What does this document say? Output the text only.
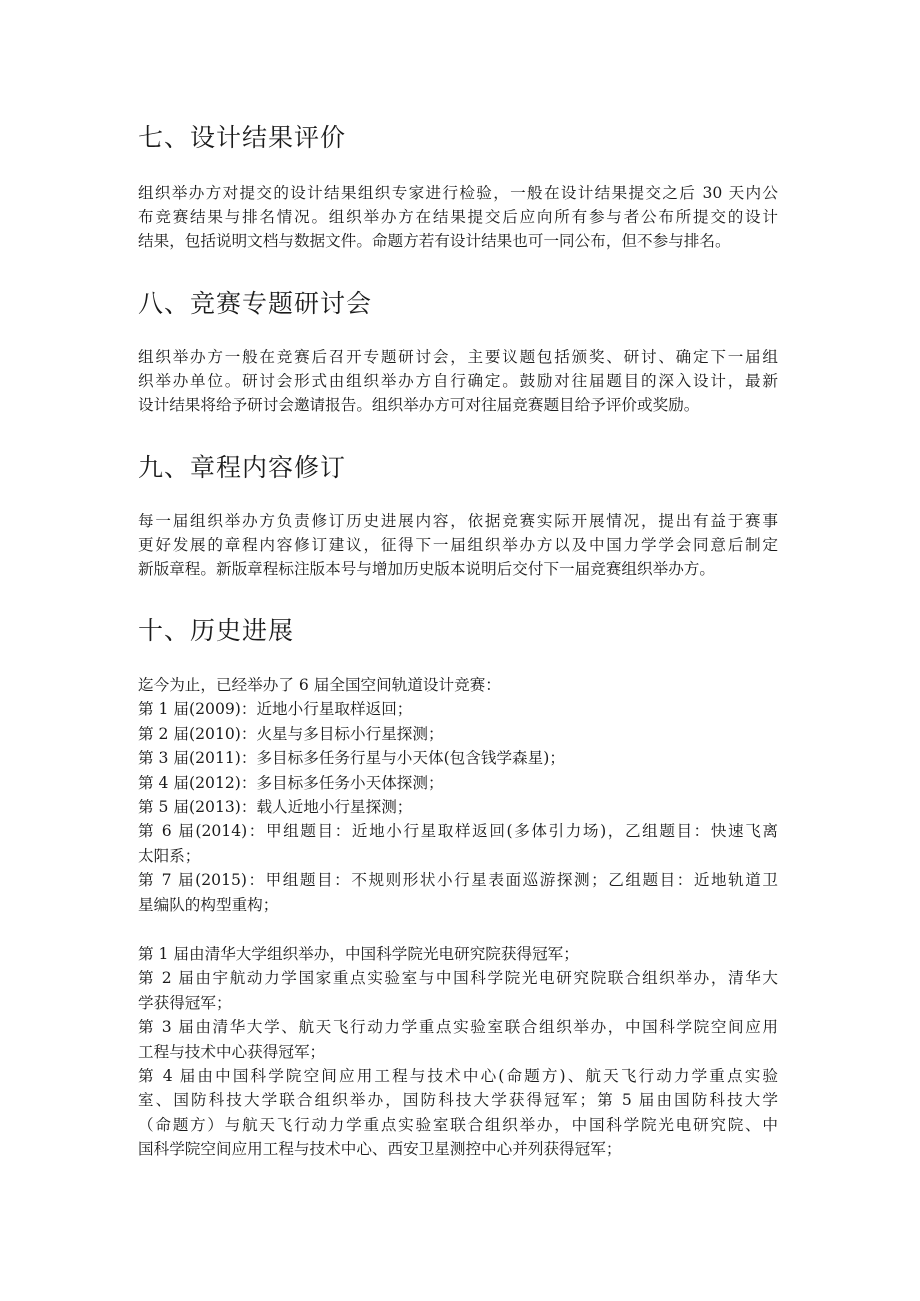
七、设计结果评价
组织举办方对提交的设计结果组织专家进行检验，一般在设计结果提交之后 30 天内公
布竞赛结果与排名情况。组织举办方在结果提交后应向所有参与者公布所提交的设计
结果，包括说明文档与数据文件。命题方若有设计结果也可一同公布，但不参与排名。
八、竞赛专题研讨会
组织举办方一般在竞赛后召开专题研讨会，主要议题包括颁奖、研讨、确定下一届组
织举办单位。研讨会形式由组织举办方自行确定。鼓励对往届题目的深入设计，最新
设计结果将给予研讨会邀请报告。组织举办方可对往届竞赛题目给予评价或奖励。
九、章程内容修订
每一届组织举办方负责修订历史进展内容，依据竞赛实际开展情况，提出有益于赛事
更好发展的章程内容修订建议，征得下一届组织举办方以及中国力学学会同意后制定
新版章程。新版章程标注版本号与增加历史版本说明后交付下一届竞赛组织举办方。
十、历史进展
迄今为止，已经举办了 6 届全国空间轨道设计竞赛：
第 1 届(2009)：近地小行星取样返回；
第 2 届(2010)：火星与多目标小行星探测；
第 3 届(2011)：多目标多任务行星与小天体(包含钱学森星)；
第 4 届(2012)：多目标多任务小天体探测；
第 5 届(2013)：载人近地小行星探测；
第 6 届(2014)：甲组题目：近地小行星取样返回(多体引力场)，乙组题目：快速飞离
太阳系；
第 7 届(2015)：甲组题目：不规则形状小行星表面巡游探测；乙组题目：近地轨道卫
星编队的构型重构；
第 1 届由清华大学组织举办，中国科学院光电研究院获得冠军；
第 2 届由宇航动力学国家重点实验室与中国科学院光电研究院联合组织举办，清华大
学获得冠军；
第 3 届由清华大学、航天飞行动力学重点实验室联合组织举办，中国科学院空间应用
工程与技术中心获得冠军；
第 4 届由中国科学院空间应用工程与技术中心(命题方)、航天飞行动力学重点实验
室、国防科技大学联合组织举办，国防科技大学获得冠军；第 5 届由国防科技大学
（命题方）与航天飞行动力学重点实验室联合组织举办，中国科学院光电研究院、中
国科学院空间应用工程与技术中心、西安卫星测控中心并列获得冠军；
